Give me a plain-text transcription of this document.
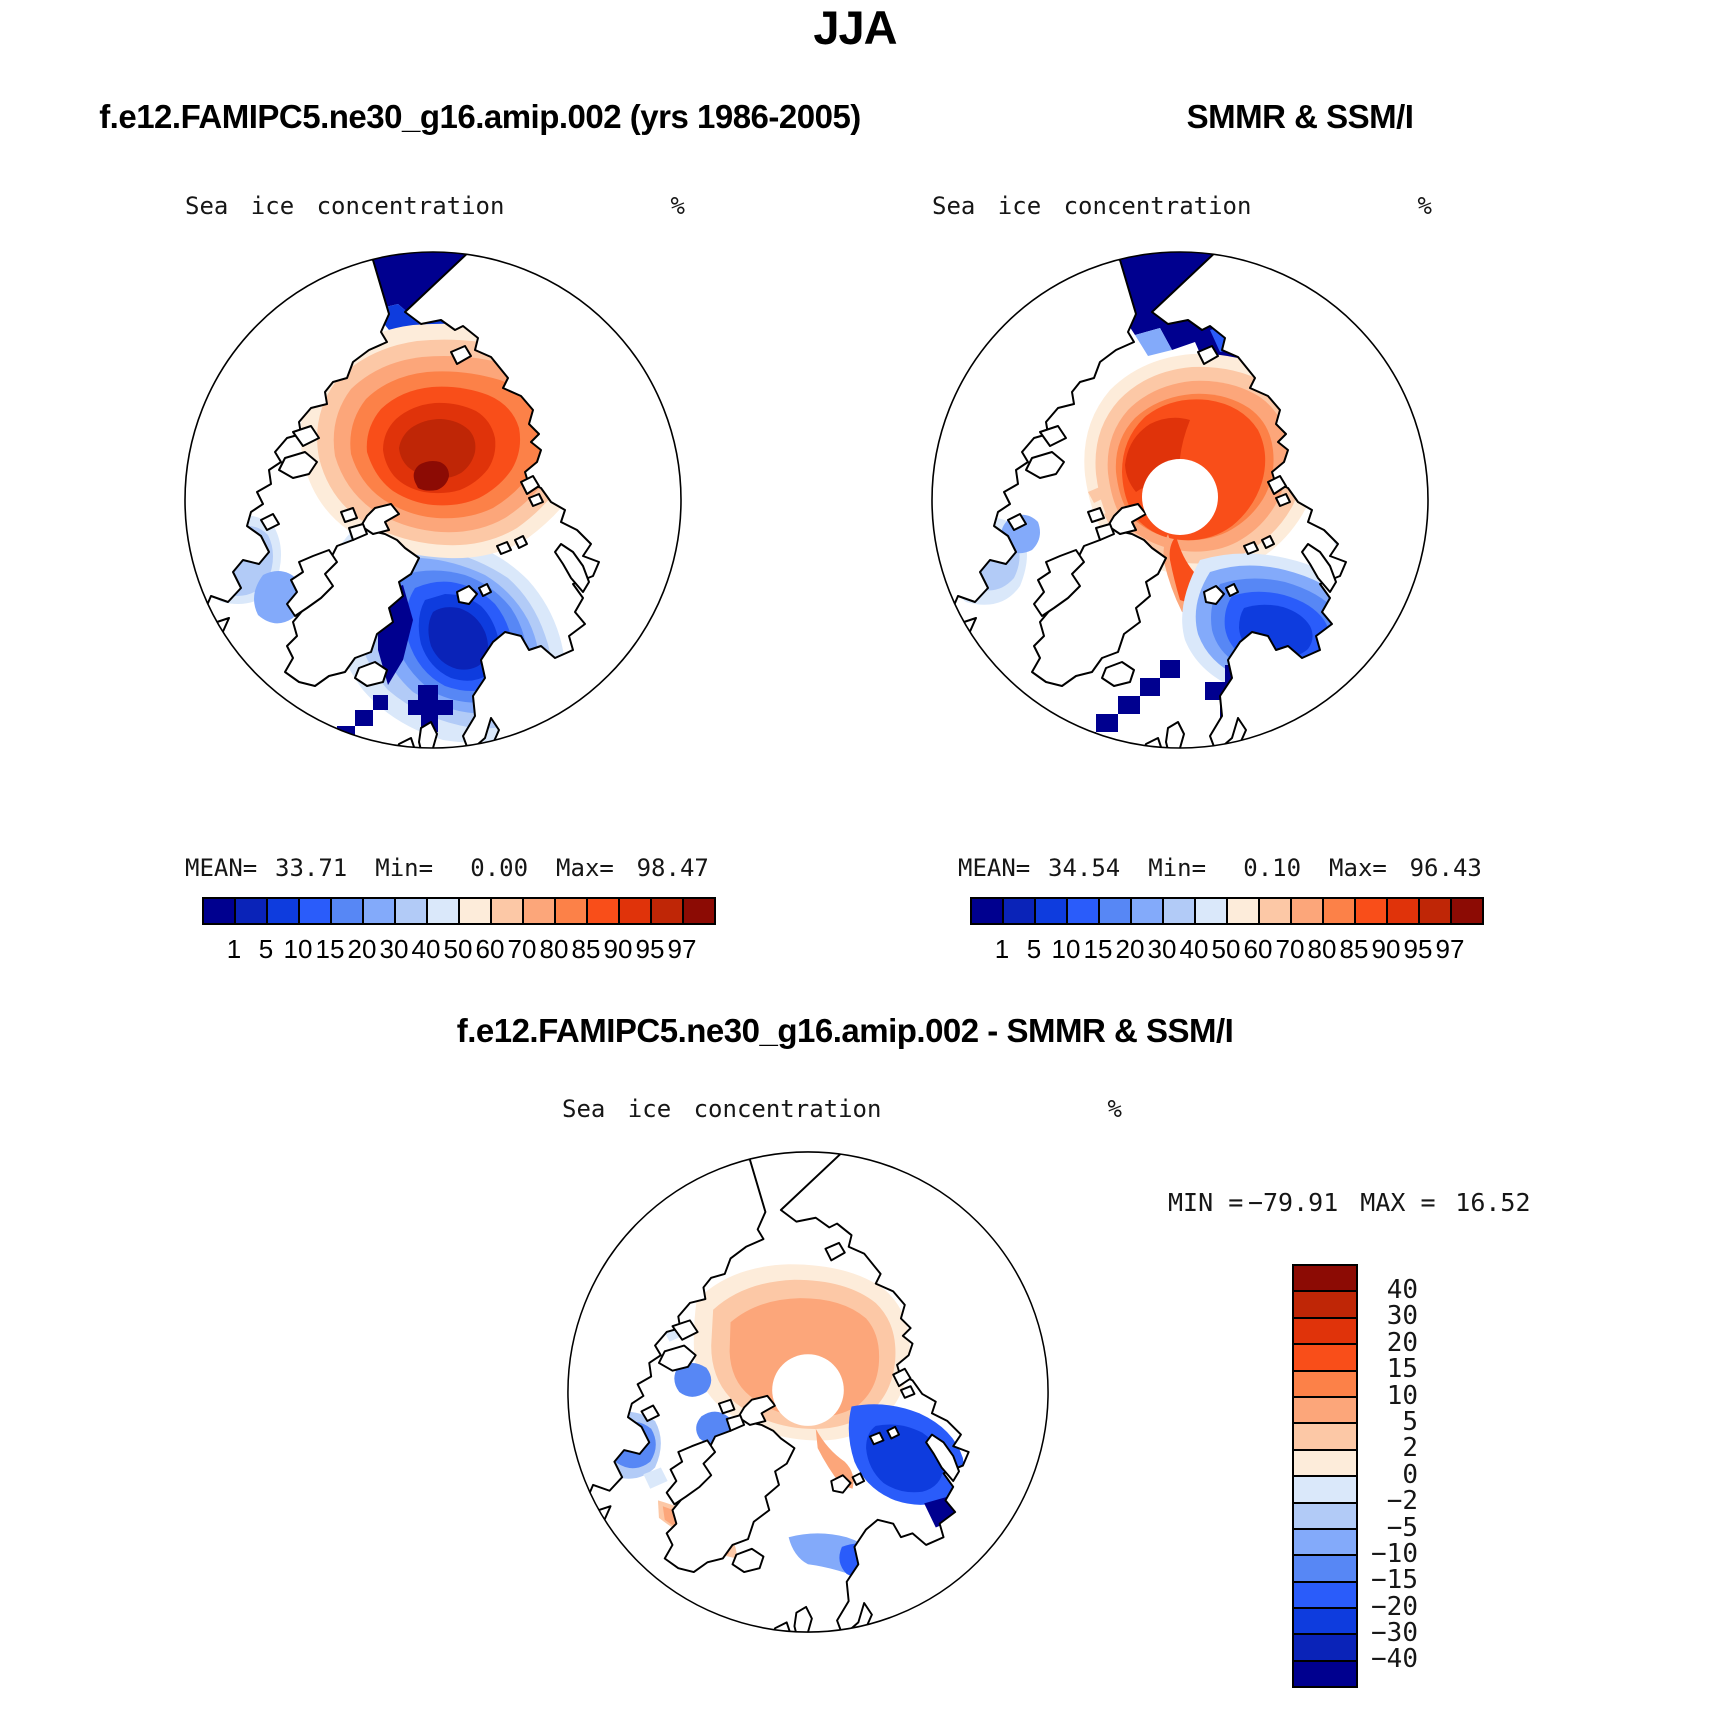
JJA
f.e12.FAMIPC5.ne30_g16.amip.002 (yrs 1986-2005)	SMMR & SSM/I
Sea ice concentration	%	Sea ice concentration	%
MEAN= 33.71 Min=	0.00 Max= 98.47	MEAN= 34.54 Min=	0.10 Max= 96.43
1 5 10 15 20 30 40 50 60 70 80 85 90 95 97	1 5 10 15 20 30 40 50 60 70 80 85 90 95 97
f.e12.FAMIPC5.ne30_g16.amip.002 - SMMR & SSM/I
Sea ice concentration	%
MIN = −79.91 MAX = 16.52
40
30
20
15
10
5
2
0
−2
−5
−10
−15
−20
−30
−40
